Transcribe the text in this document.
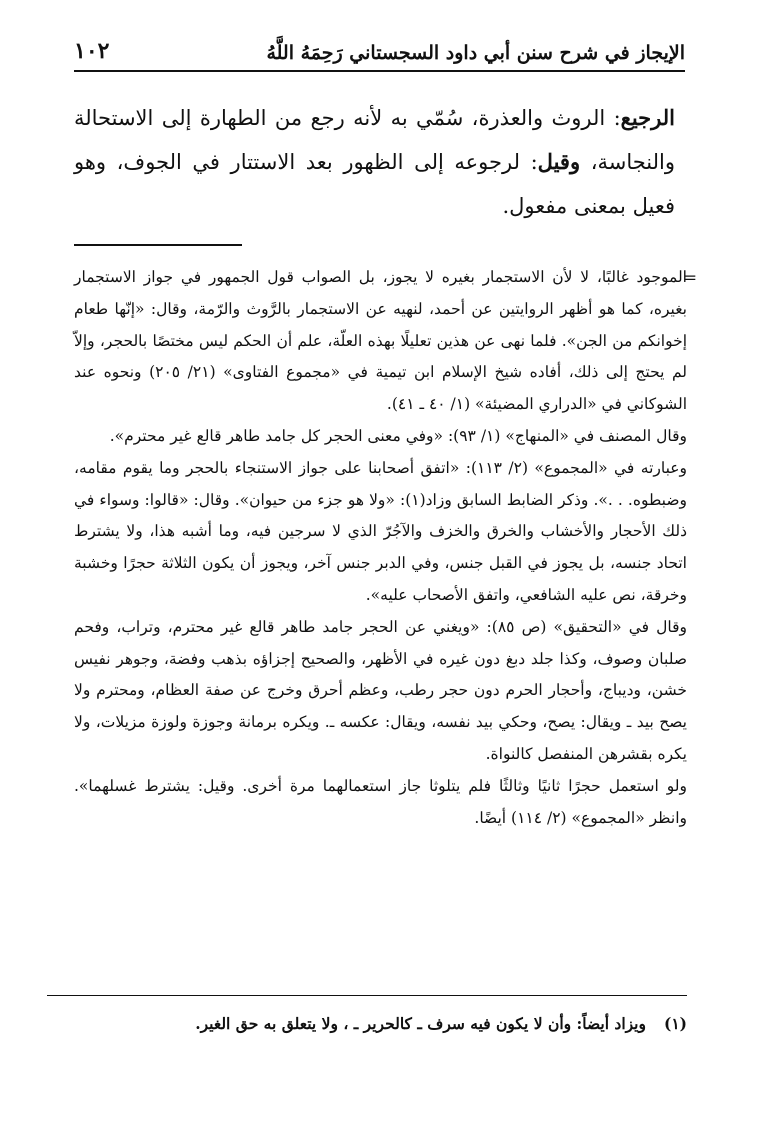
الإيجاز في شرح سنن أبي داود السجستاني رَحِمَهُ اللَّهُ
١٠٢
الرجيع: الروث والعذرة، سُمّي به لأنه رجع من الطهارة إلى الاستحالة والنجاسة، وقيل: لرجوعه إلى الظهور بعد الاستتار في الجوف، وهو فعيل بمعنى مفعول.
=

الموجود غالبًا، لا لأن الاستجمار بغيره لا يجوز، بل الصواب قول الجمهور في جواز الاستجمار بغيره، كما هو أظهر الروايتين عن أحمد، لنهيه عن الاستجمار بالرَّوث والرّمة، وقال: «إنّها طعام إخوانكم من الجن». فلما نهى عن هذين تعليلًا بهذه العلّة، علم أن الحكم ليس مختصًا بالحجر، وإلاّ لم يحتج إلى ذلك، أفاده شيخ الإسلام ابن تيمية في «مجموع الفتاوى» (٢١/ ٢٠٥) ونحوه عند الشوكاني في «الدراري المضيئة» (١/ ٤٠ ـ ٤١).

وقال المصنف في «المنهاج» (١/ ٩٣): «وفي معنى الحجر كل جامد طاهر قالع غير محترم».

وعبارته في «المجموع» (٢/ ١١٣): «اتفق أصحابنا على جواز الاستنجاء بالحجر وما يقوم مقامه، وضبطوه. . .». وذكر الضابط السابق وزاد(١): «ولا هو جزء من حيوان». وقال: «قالوا: وسواء في ذلك الأحجار والأخشاب والخرق والخزف والآجُرّ الذي لا سرجين فيه، وما أشبه هذا، ولا يشترط اتحاد جنسه، بل يجوز في القبل جنس، وفي الدبر جنس آخر، ويجوز أن يكون الثلاثة حجرًا وخشبة وخرقة، نص عليه الشافعي، واتفق الأصحاب عليه».

وقال في «التحقيق» (ص ٨٥): «ويغني عن الحجر جامد طاهر قالع غير محترم، وتراب، وفحم صلبان وصوف، وكذا جلد دبغ دون غيره في الأظهر، والصحيح إجزاؤه بذهب وفضة، وجوهر نفيس خشن، وديباج، وأحجار الحرم دون حجر رطب، وعظم أحرق وخرج عن صفة العظام، ومحترم ولا يصح بيد ـ ويقال: يصح، وحكي بيد نفسه، ويقال: عكسه ـ. ويكره برمانة وجوزة ولوزة مزيلات، ولا يكره بقشرهن المنفصل كالنواة.

ولو استعمل حجرًا ثانيًا وثالثًا فلم يتلوثا جاز استعمالهما مرة أخرى. وقيل: يشترط غسلهما». وانظر «المجموع» (٢/ ١١٤) أيضًا.

(١)
ويزاد أيضاً: وأن لا يكون فيه سرف ـ كالحرير ـ ، ولا يتعلق به حق الغير.
